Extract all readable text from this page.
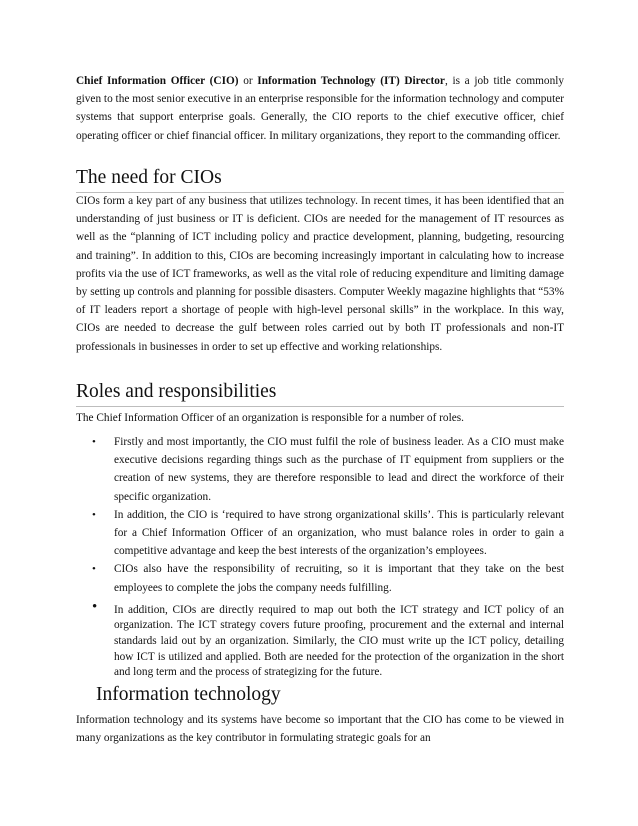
Chief Information Officer (CIO) or Information Technology (IT) Director, is a job title commonly given to the most senior executive in an enterprise responsible for the information technology and computer systems that support enterprise goals. Generally, the CIO reports to the chief executive officer, chief operating officer or chief financial officer. In military organizations, they report to the commanding officer.

The need for CIOs

CIOs form a key part of any business that utilizes technology. In recent times, it has been identified that an understanding of just business or IT is deficient. CIOs are needed for the management of IT resources as well as the “planning of ICT including policy and practice development, planning, budgeting, resourcing and training”. In addition to this, CIOs are becoming increasingly important in calculating how to increase profits via the use of ICT frameworks, as well as the vital role of reducing expenditure and limiting damage by setting up controls and planning for possible disasters. Computer Weekly magazine highlights that “53% of IT leaders report a shortage of people with high-level personal skills” in the workplace. In this way, CIOs are needed to decrease the gulf between roles carried out by both IT professionals and non-IT professionals in businesses in order to set up effective and working relationships.

Roles and responsibilities

The Chief Information Officer of an organization is responsible for a number of roles.

• Firstly and most importantly, the CIO must fulfil the role of business leader. As a CIO must make executive decisions regarding things such as the purchase of IT equipment from suppliers or the creation of new systems, they are therefore responsible to lead and direct the workforce of their specific organization.
• In addition, the CIO is ‘required to have strong organizational skills’. This is particularly relevant for a Chief Information Officer of an organization, who must balance roles in order to gain a competitive advantage and keep the best interests of the organization’s employees.
• CIOs also have the responsibility of recruiting, so it is important that they take on the best employees to complete the jobs the company needs fulfilling.
• In addition, CIOs are directly required to map out both the ICT strategy and ICT policy of an organization. The ICT strategy covers future proofing, procurement and the external and internal standards laid out by an organization. Similarly, the CIO must write up the ICT policy, detailing how ICT is utilized and applied. Both are needed for the protection of the organization in the short and long term and the process of strategizing for the future.
Information technology

Information technology and its systems have become so important that the CIO has come to be viewed in many organizations as the key contributor in formulating strategic goals for an
